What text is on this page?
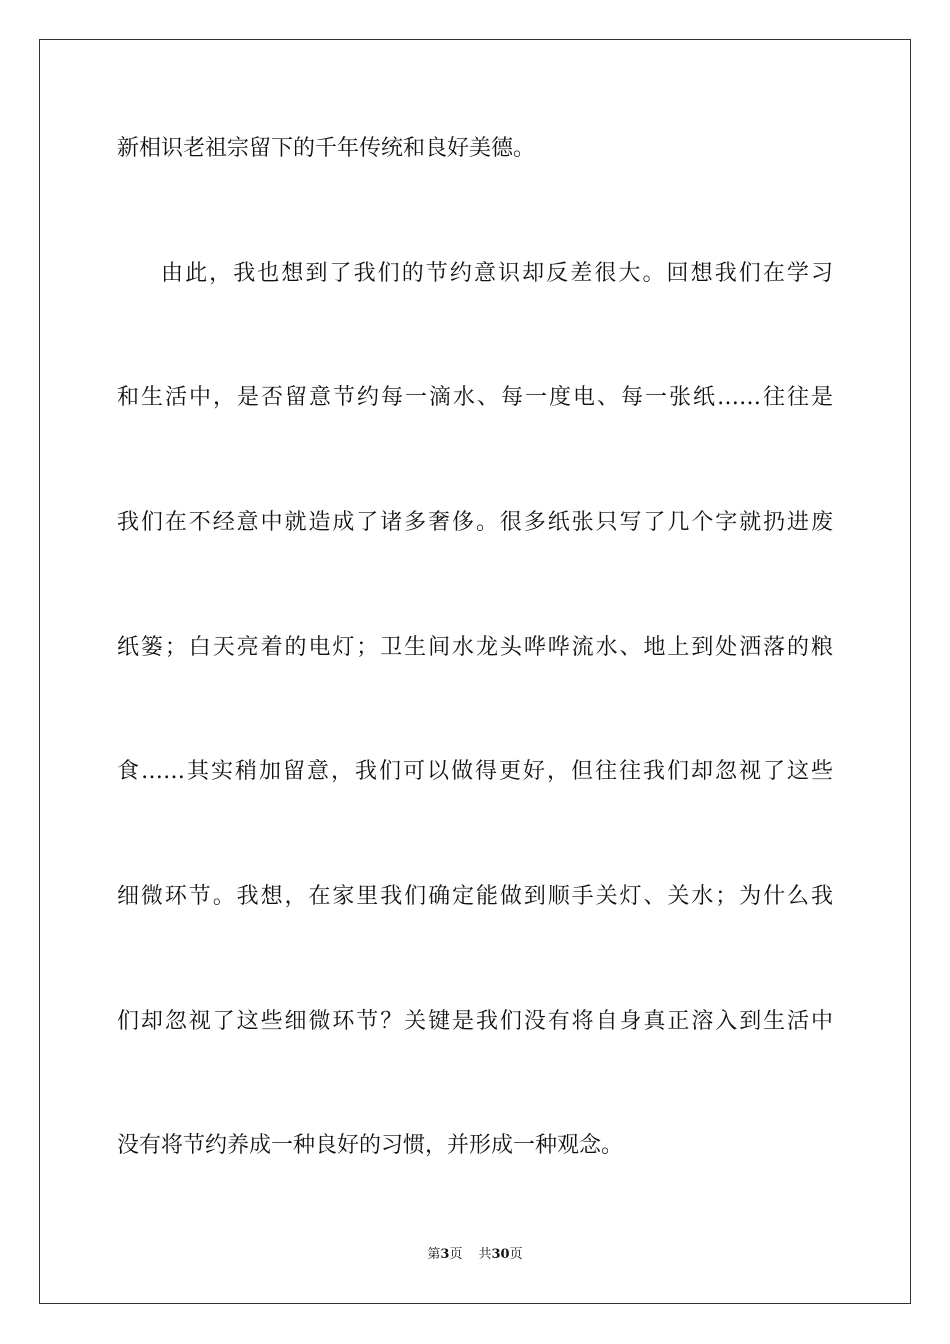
新相识老祖宗留下的千年传统和良好美德。
由此，我也想到了我们的节约意识却反差很大。回想我们在学习
和生活中，是否留意节约每一滴水、每一度电、每一张纸……往往是
我们在不经意中就造成了诸多奢侈。很多纸张只写了几个字就扔进废
纸篓；白天亮着的电灯；卫生间水龙头哗哗流水、地上到处洒落的粮
食……其实稍加留意，我们可以做得更好，但往往我们却忽视了这些
细微环节。我想，在家里我们确定能做到顺手关灯、关水；为什么我
们却忽视了这些细微环节？关键是我们没有将自身真正溶入到生活中
没有将节约养成一种良好的习惯，并形成一种观念。
第3页 共30页
